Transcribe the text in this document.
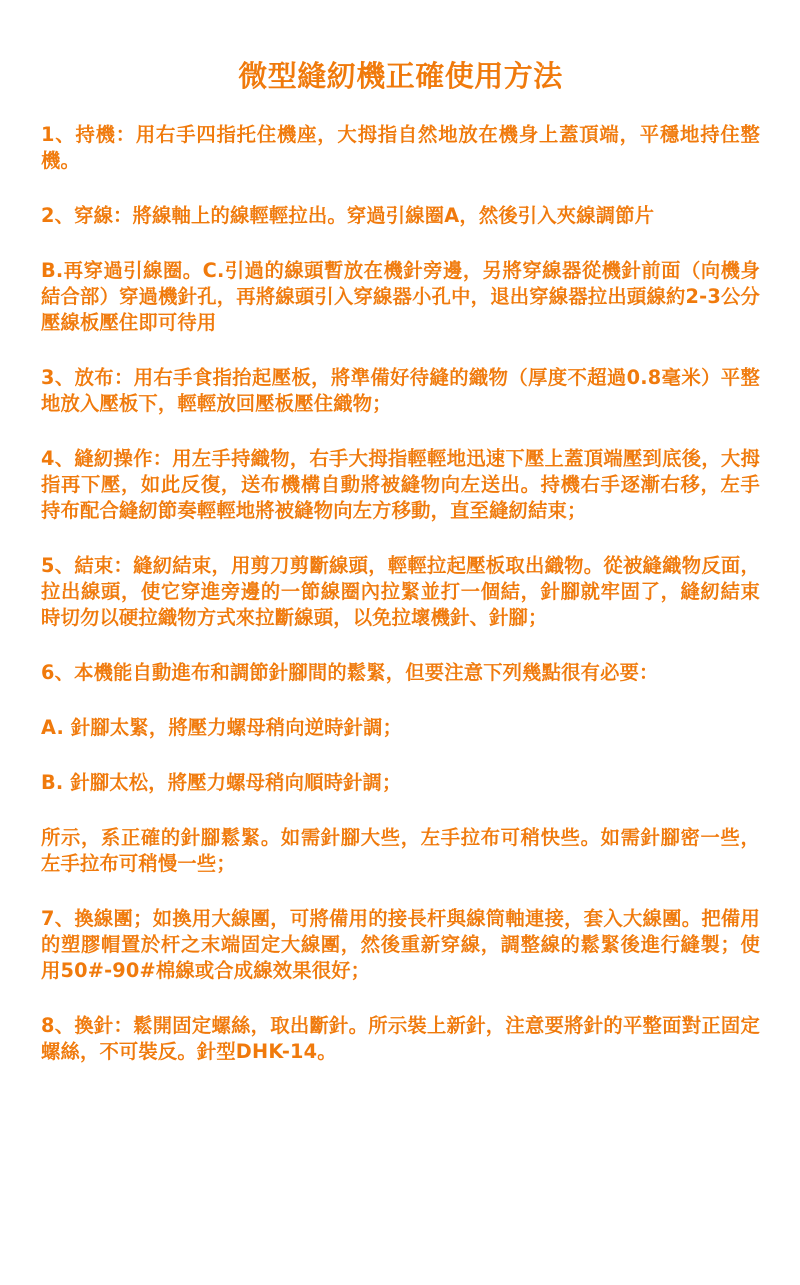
微型縫紉機正確使用方法

1、持機：用右手四指托住機座，大拇指自然地放在機身上蓋頂端，平穩地持住整機。

2、穿線：將線軸上的線輕輕拉出。穿過引線圈A，然後引入夾線調節片

B.再穿過引線圈。C.引過的線頭暫放在機針旁邊，另將穿線器從機針前面（向機身結合部）穿過機針孔，再將線頭引入穿線器小孔中，退出穿線器拉出頭線約2-3公分壓線板壓住即可待用

3、放布：用右手食指抬起壓板，將準備好待縫的織物（厚度不超過0.8毫米）平整地放入壓板下，輕輕放回壓板壓住織物；

4、縫紉操作：用左手持織物，右手大拇指輕輕地迅速下壓上蓋頂端壓到底後，大拇指再下壓，如此反復，送布機構自動將被縫物向左送出。持機右手逐漸右移，左手持布配合縫紉節奏輕輕地將被縫物向左方移動，直至縫紉結束；

5、結束：縫紉結束，用剪刀剪斷線頭，輕輕拉起壓板取出織物。從被縫織物反面，拉出線頭，使它穿進旁邊的一節線圈內拉緊並打一個結，針腳就牢固了，縫紉結束時切勿以硬拉織物方式來拉斷線頭，以免拉壞機針、針腳；

6、本機能自動進布和調節針腳間的鬆緊，但要注意下列幾點很有必要：

A. 針腳太緊，將壓力螺母稍向逆時針調；

B. 針腳太松，將壓力螺母稍向順時針調；

所示，系正確的針腳鬆緊。如需針腳大些，左手拉布可稍快些。如需針腳密一些，左手拉布可稍慢一些；

7、換線團；如換用大線團，可將備用的接長杆與線筒軸連接，套入大線團。把備用的塑膠帽置於杆之末端固定大線團，然後重新穿線，調整線的鬆緊後進行縫製；使用50#-90#棉線或合成線效果很好；

8、換針：鬆開固定螺絲，取出斷針。所示裝上新針，注意要將針的平整面對正固定螺絲，不可裝反。針型DHK-14。
